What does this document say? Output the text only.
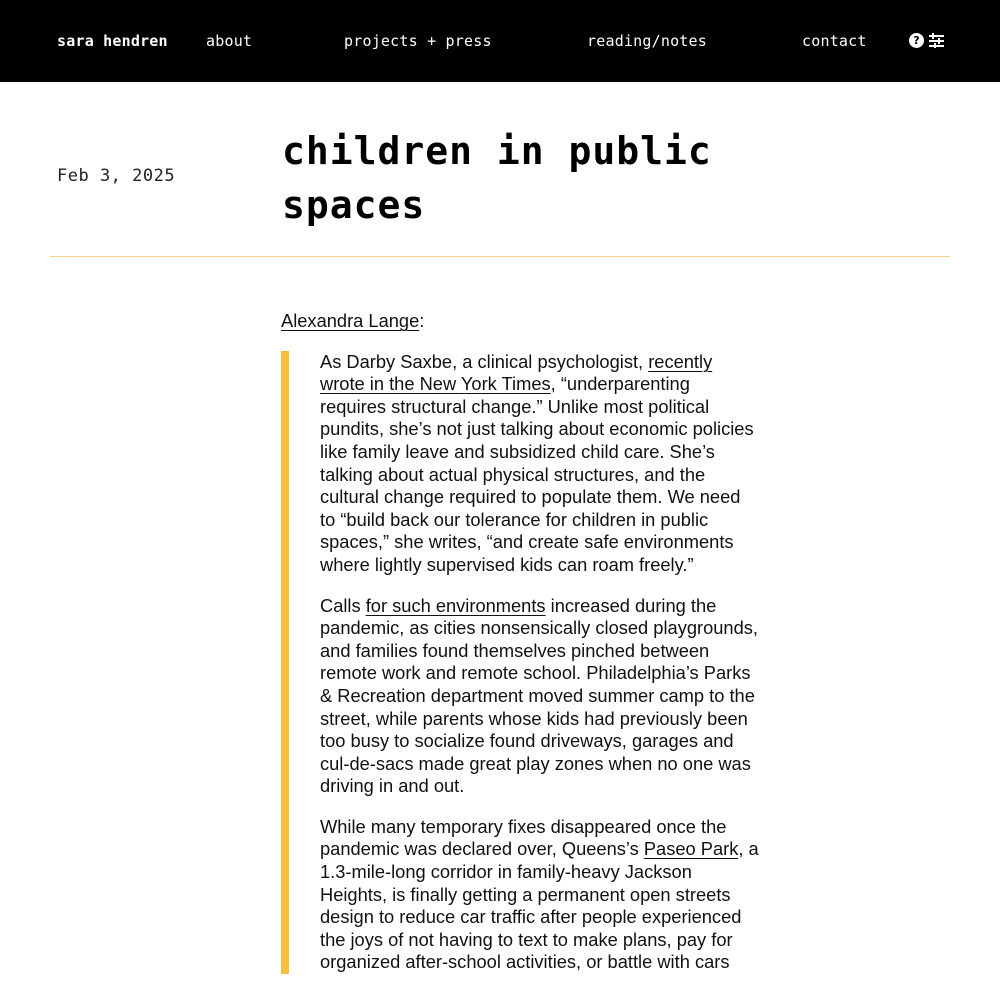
sara hendren	about	projects + press	reading/notes	contact	?
Feb 3, 2025
children in public spaces

Alexandra Lange:

As Darby Saxbe, a clinical psychologist, recently wrote in the New York Times, “underparenting requires structural change.” Unlike most political pundits, she’s not just talking about economic policies like family leave and subsidized child care. She’s talking about actual physical structures, and the cultural change required to populate them. We need to “build back our tolerance for children in public spaces,” she writes, “and create safe environments where lightly supervised kids can roam freely.”

Calls for such environments increased during the pandemic, as cities nonsensically closed playgrounds, and families found themselves pinched between remote work and remote school. Philadelphia’s Parks & Recreation department moved summer camp to the street, while parents whose kids had previously been too busy to socialize found driveways, garages and cul-de-sacs made great play zones when no one was driving in and out.

While many temporary fixes disappeared once the pandemic was declared over, Queens’s Paseo Park, a 1.3-mile-long corridor in family-heavy Jackson Heights, is finally getting a permanent open streets design to reduce car traffic after people experienced the joys of not having to text to make plans, pay for organized after-school activities, or battle with cars
